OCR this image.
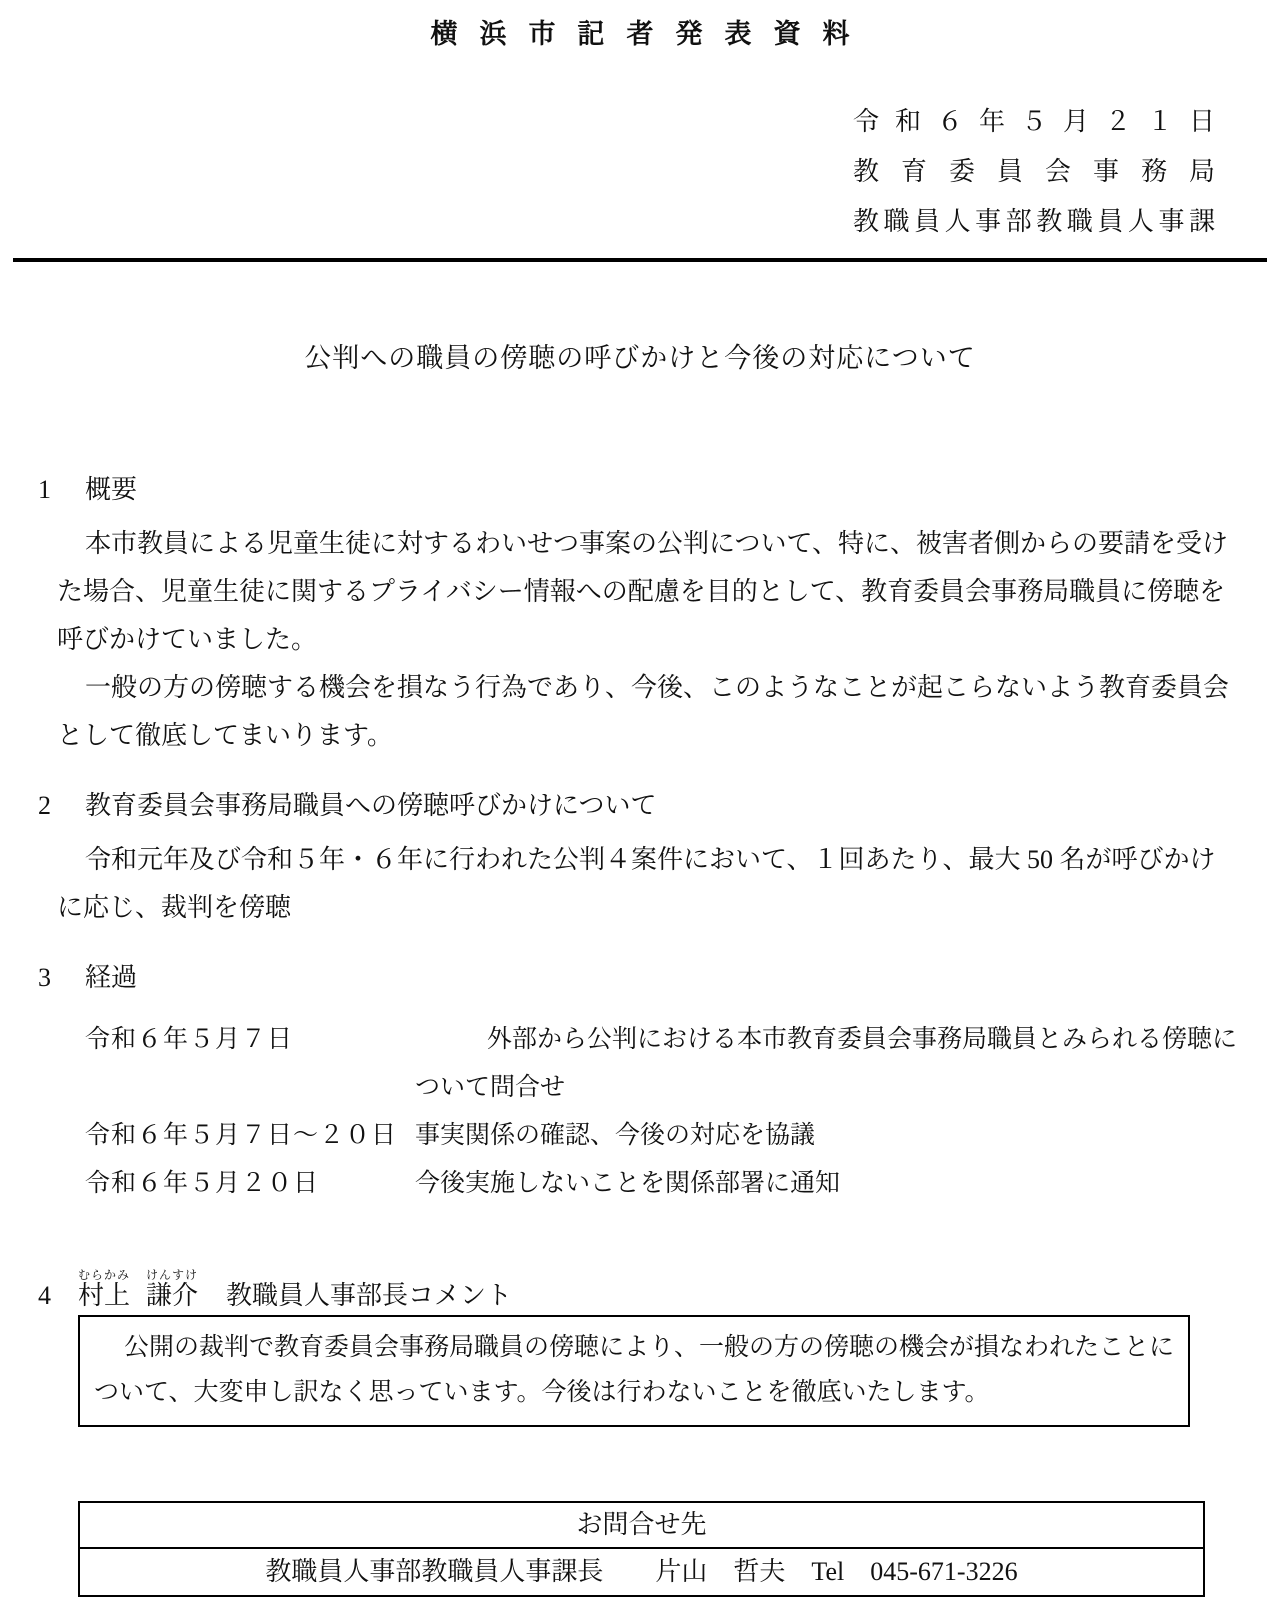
横浜市記者発表資料
令和６年５月２１日
教育委員会事務局
教職員人事部教職員人事課
公判への職員の傍聴の呼びかけと今後の対応について
1 概要
本市教員による児童生徒に対するわいせつ事案の公判について、特に、被害者側からの要請を受け
た場合、児童生徒に関するプライバシー情報への配慮を目的として、教育委員会事務局職員に傍聴を
呼びかけていました。
一般の方の傍聴する機会を損なう行為であり、今後、このようなことが起こらないよう教育委員会
として徹底してまいります。
2 教育委員会事務局職員への傍聴呼びかけについて
令和元年及び令和５年・６年に行われた公判４案件において、１回あたり、最大 50 名が呼びかけ
に応じ、裁判を傍聴
3 経過
令和６年５月７日	外部から公判における本市教育委員会事務局職員とみられる傍聴に
ついて問合せ
令和６年５月７日～２０日 事実関係の確認、今後の対応を協議
令和６年５月２０日	今後実施しないことを関係部署に通知
4	村上むらかみ謙介けんすけ
教職員人事部長コメント
公開の裁判で教育委員会事務局職員の傍聴により、一般の方の傍聴の機会が損なわれたことに
ついて、大変申し訳なく思っています。今後は行わないことを徹底いたします。
お問合せ先
教職員人事部教職員人事課長　　片山　哲夫　Tel　045-671-3226
